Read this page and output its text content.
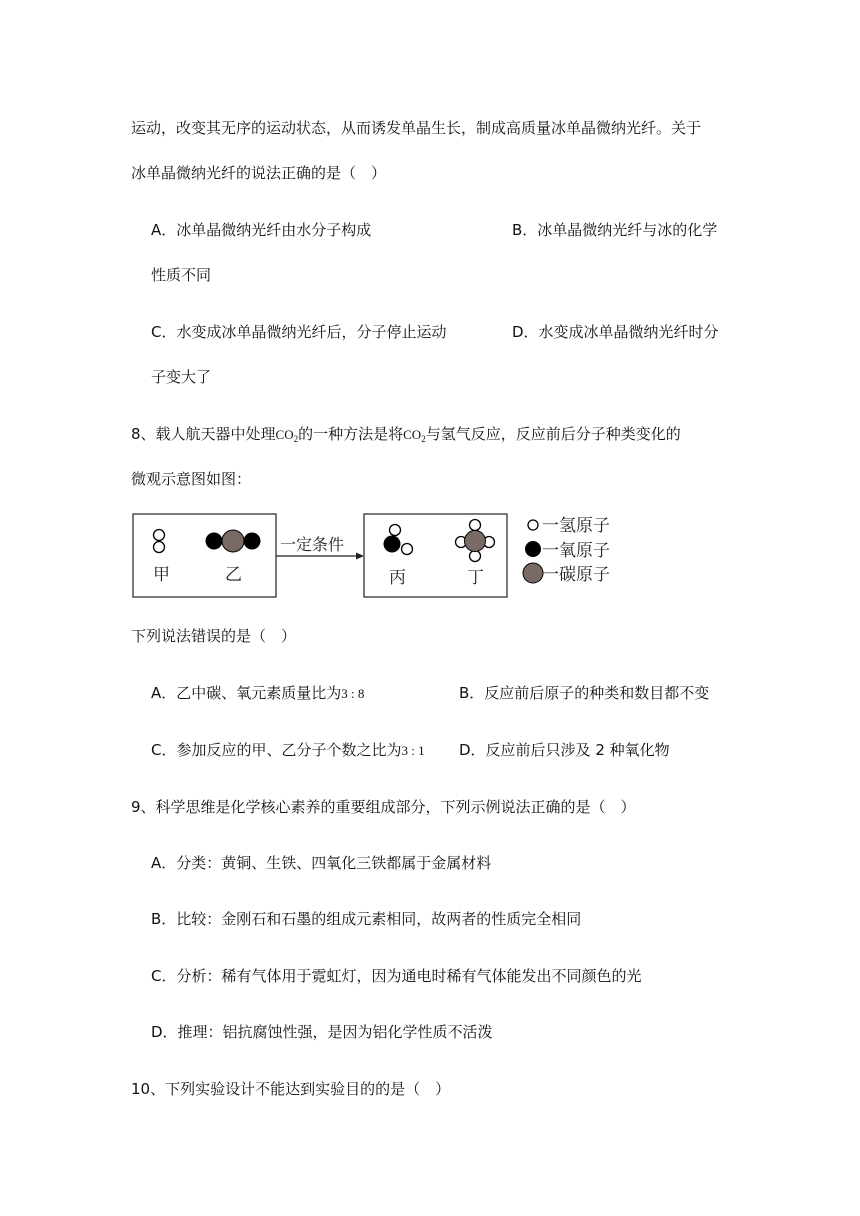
运动，改变其无序的运动状态，从而诱发单晶生长，制成高质量冰单晶微纳光纤。关于
冰单晶微纳光纤的说法正确的是（　）
A．冰单晶微纳光纤由水分子构成	B．冰单晶微纳光纤与冰的化学
性质不同
C．水变成冰单晶微纳光纤后，分子停止运动	D．水变成冰单晶微纳光纤时分
子变大了
8、载人航天器中处理$CO_2$的一种方法是将$CO_2$与氢气反应，反应前后分子种类变化的
微观示意图如图：
甲	乙
一定条件
丙	丁
一氢原子
一氧原子
一碳原子
下列说法错误的是（　）
A．乙中碳、氧元素质量比为3 : 8	B．反应前后原子的种类和数目都不变
C．参加反应的甲、乙分子个数之比为3 : 1 D．反应前后只涉及 2 种氧化物
9、科学思维是化学核心素养的重要组成部分，下列示例说法正确的是（　）
A．分类：黄铜、生铁、四氧化三铁都属于金属材料
B．比较：金刚石和石墨的组成元素相同，故两者的性质完全相同
C．分析：稀有气体用于霓虹灯，因为通电时稀有气体能发出不同颜色的光
D．推理：铝抗腐蚀性强，是因为铝化学性质不活泼
10、下列实验设计不能达到实验目的的是（　）
